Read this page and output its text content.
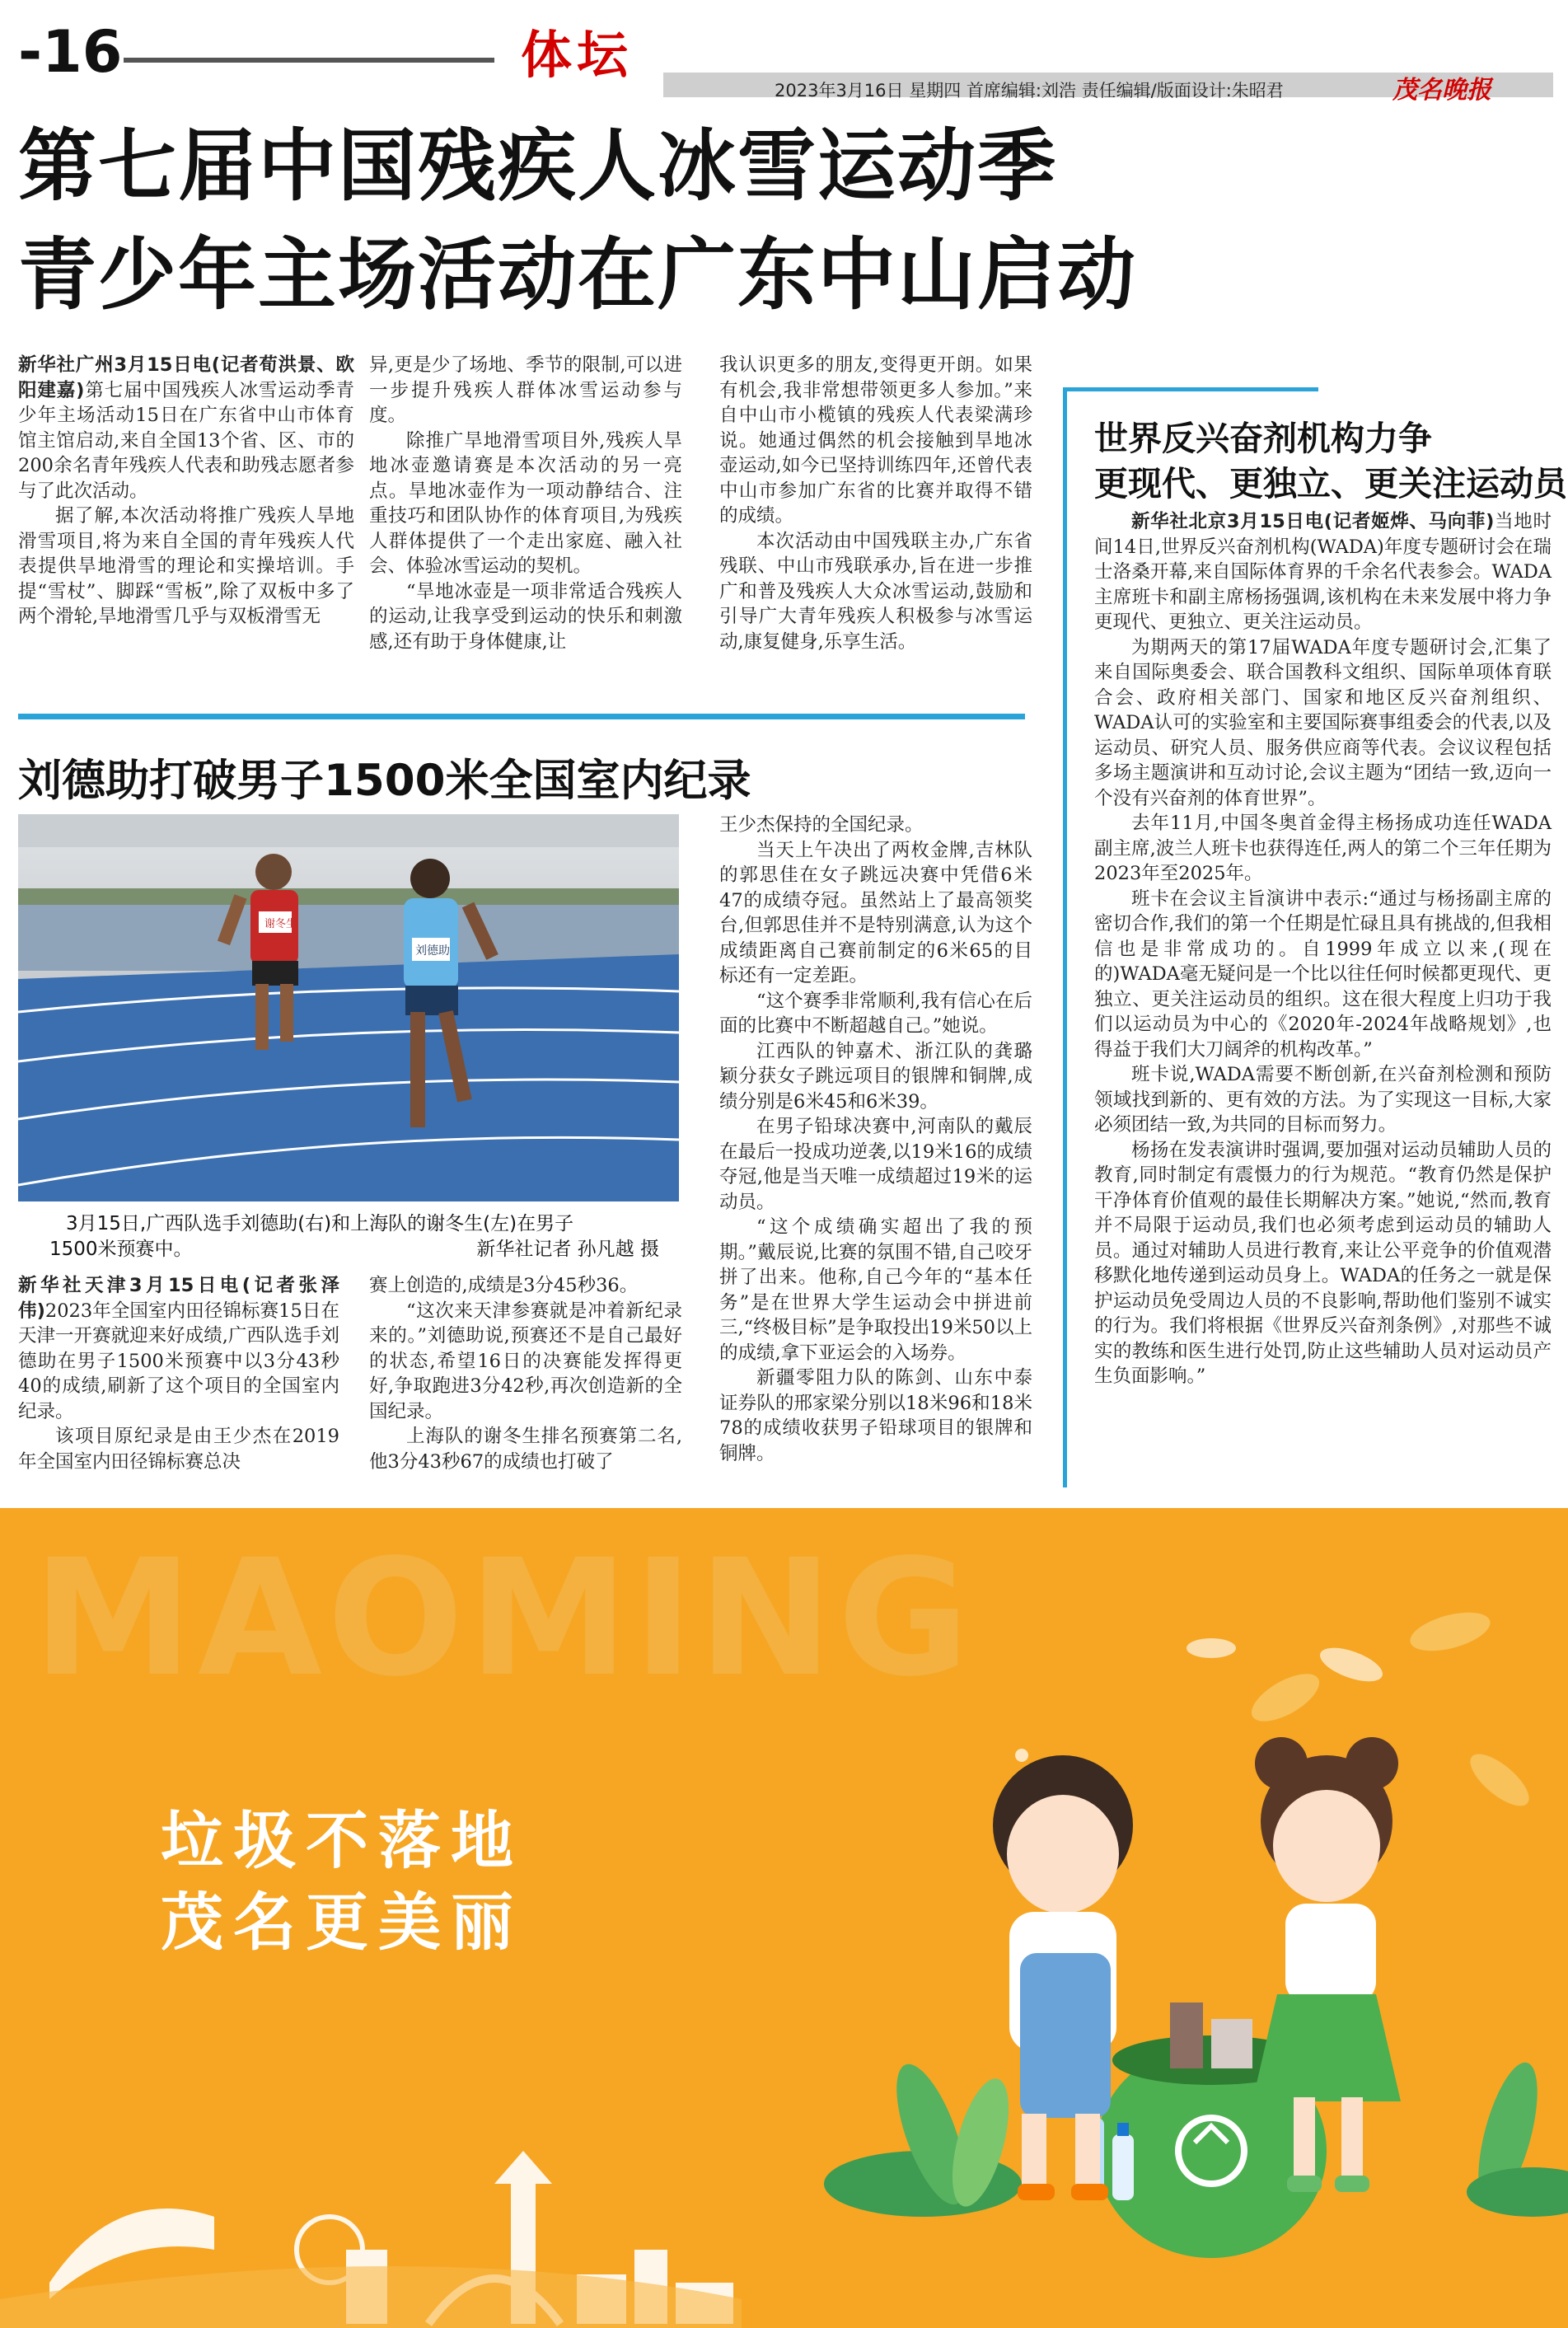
-16	体坛
2023年3月16日 星期四 首席编辑:刘浩 责任编辑/版面设计:朱昭君	茂名晚报
第七届中国残疾人冰雪运动季
青少年主场活动在广东中山启动

新华社广州3月15日电(记者荀洪景、欧阳建嘉)第七届中国残疾人冰雪运动季青少年主场活动15日在广东省中山市体育馆主馆启动,来自全国13个省、区、市的200余名青年残疾人代表和助残志愿者参与了此次活动。

据了解,本次活动将推广残疾人旱地滑雪项目,将为来自全国的青年残疾人代表提供旱地滑雪的理论和实操培训。手提“雪杖”、脚踩“雪板”,除了双板中多了两个滑轮,旱地滑雪几乎与双板滑雪无

异,更是少了场地、季节的限制,可以进一步提升残疾人群体冰雪运动参与度。

除推广旱地滑雪项目外,残疾人旱地冰壶邀请赛是本次活动的另一亮点。旱地冰壶作为一项动静结合、注重技巧和团队协作的体育项目,为残疾人群体提供了一个走出家庭、融入社会、体验冰雪运动的契机。

“旱地冰壶是一项非常适合残疾人的运动,让我享受到运动的快乐和刺激感,还有助于身体健康,让

我认识更多的朋友,变得更开朗。如果有机会,我非常想带领更多人参加。”来自中山市小榄镇的残疾人代表梁满珍说。她通过偶然的机会接触到旱地冰壶运动,如今已坚持训练四年,还曾代表中山市参加广东省的比赛并取得不错的成绩。

本次活动由中国残联主办,广东省残联、中山市残联承办,旨在进一步推广和普及残疾人大众冰雪运动,鼓励和引导广大青年残疾人积极参与冰雪运动,康复健身,乐享生活。

刘德助打破男子1500米全国室内纪录
谢冬生
刘德助
3月15日,广西队选手刘德助(右)和上海队的谢冬生(左)在男子
1500米预赛中。	新华社记者 孙凡越 摄

新华社天津3月15日电(记者张泽伟)2023年全国室内田径锦标赛15日在天津一开赛就迎来好成绩,广西队选手刘德助在男子1500米预赛中以3分43秒40的成绩,刷新了这个项目的全国室内纪录。

该项目原纪录是由王少杰在2019年全国室内田径锦标赛总决

赛上创造的,成绩是3分45秒36。

“这次来天津参赛就是冲着新纪录来的。”刘德助说,预赛还不是自己最好的状态,希望16日的决赛能发挥得更好,争取跑进3分42秒,再次创造新的全国纪录。

上海队的谢冬生排名预赛第二名,他3分43秒67的成绩也打破了

王少杰保持的全国纪录。

当天上午决出了两枚金牌,吉林队的郭思佳在女子跳远决赛中凭借6米47的成绩夺冠。虽然站上了最高领奖台,但郭思佳并不是特别满意,认为这个成绩距离自己赛前制定的6米65的目标还有一定差距。

“这个赛季非常顺利,我有信心在后面的比赛中不断超越自己。”她说。

江西队的钟嘉术、浙江队的龚璐颖分获女子跳远项目的银牌和铜牌,成绩分别是6米45和6米39。

在男子铅球决赛中,河南队的戴辰在最后一投成功逆袭,以19米16的成绩夺冠,他是当天唯一成绩超过19米的运动员。

“这个成绩确实超出了我的预期。”戴辰说,比赛的氛围不错,自己咬牙拼了出来。他称,自己今年的“基本任务”是在世界大学生运动会中拼进前三,“终极目标”是争取投出19米50以上的成绩,拿下亚运会的入场券。

新疆零阻力队的陈剑、山东中泰证券队的邢家梁分别以18米96和18米78的成绩收获男子铅球项目的银牌和铜牌。

世界反兴奋剂机构力争
更现代、更独立、更关注运动员

新华社北京3月15日电(记者姬烨、马向菲)当地时间14日,世界反兴奋剂机构(WADA)年度专题研讨会在瑞士洛桑开幕,来自国际体育界的千余名代表参会。WADA主席班卡和副主席杨扬强调,该机构在未来发展中将力争更现代、更独立、更关注运动员。

为期两天的第17届WADA年度专题研讨会,汇集了来自国际奥委会、联合国教科文组织、国际单项体育联合会、政府相关部门、国家和地区反兴奋剂组织、WADA认可的实验室和主要国际赛事组委会的代表,以及运动员、研究人员、服务供应商等代表。会议议程包括多场主题演讲和互动讨论,会议主题为“团结一致,迈向一个没有兴奋剂的体育世界”。

去年11月,中国冬奥首金得主杨扬成功连任WADA副主席,波兰人班卡也获得连任,两人的第二个三年任期为2023年至2025年。

班卡在会议主旨演讲中表示:“通过与杨扬副主席的密切合作,我们的第一个任期是忙碌且具有挑战的,但我相信也是非常成功的。自1999年成立以来,(现在的)WADA毫无疑问是一个比以往任何时候都更现代、更独立、更关注运动员的组织。这在很大程度上归功于我们以运动员为中心的《2020年-2024年战略规划》,也得益于我们大刀阔斧的机构改革。”

班卡说,WADA需要不断创新,在兴奋剂检测和预防领域找到新的、更有效的方法。为了实现这一目标,大家必须团结一致,为共同的目标而努力。

杨扬在发表演讲时强调,要加强对运动员辅助人员的教育,同时制定有震慑力的行为规范。“教育仍然是保护干净体育价值观的最佳长期解决方案。”她说,“然而,教育并不局限于运动员,我们也必须考虑到运动员的辅助人员。通过对辅助人员进行教育,来让公平竞争的价值观潜移默化地传递到运动员身上。WADA的任务之一就是保护运动员免受周边人员的不良影响,帮助他们鉴别不诚实的行为。我们将根据《世界反兴奋剂条例》,对那些不诚实的教练和医生进行处罚,防止这些辅助人员对运动员产生负面影响。”

MAOMING
垃圾不落地
茂名更美丽
